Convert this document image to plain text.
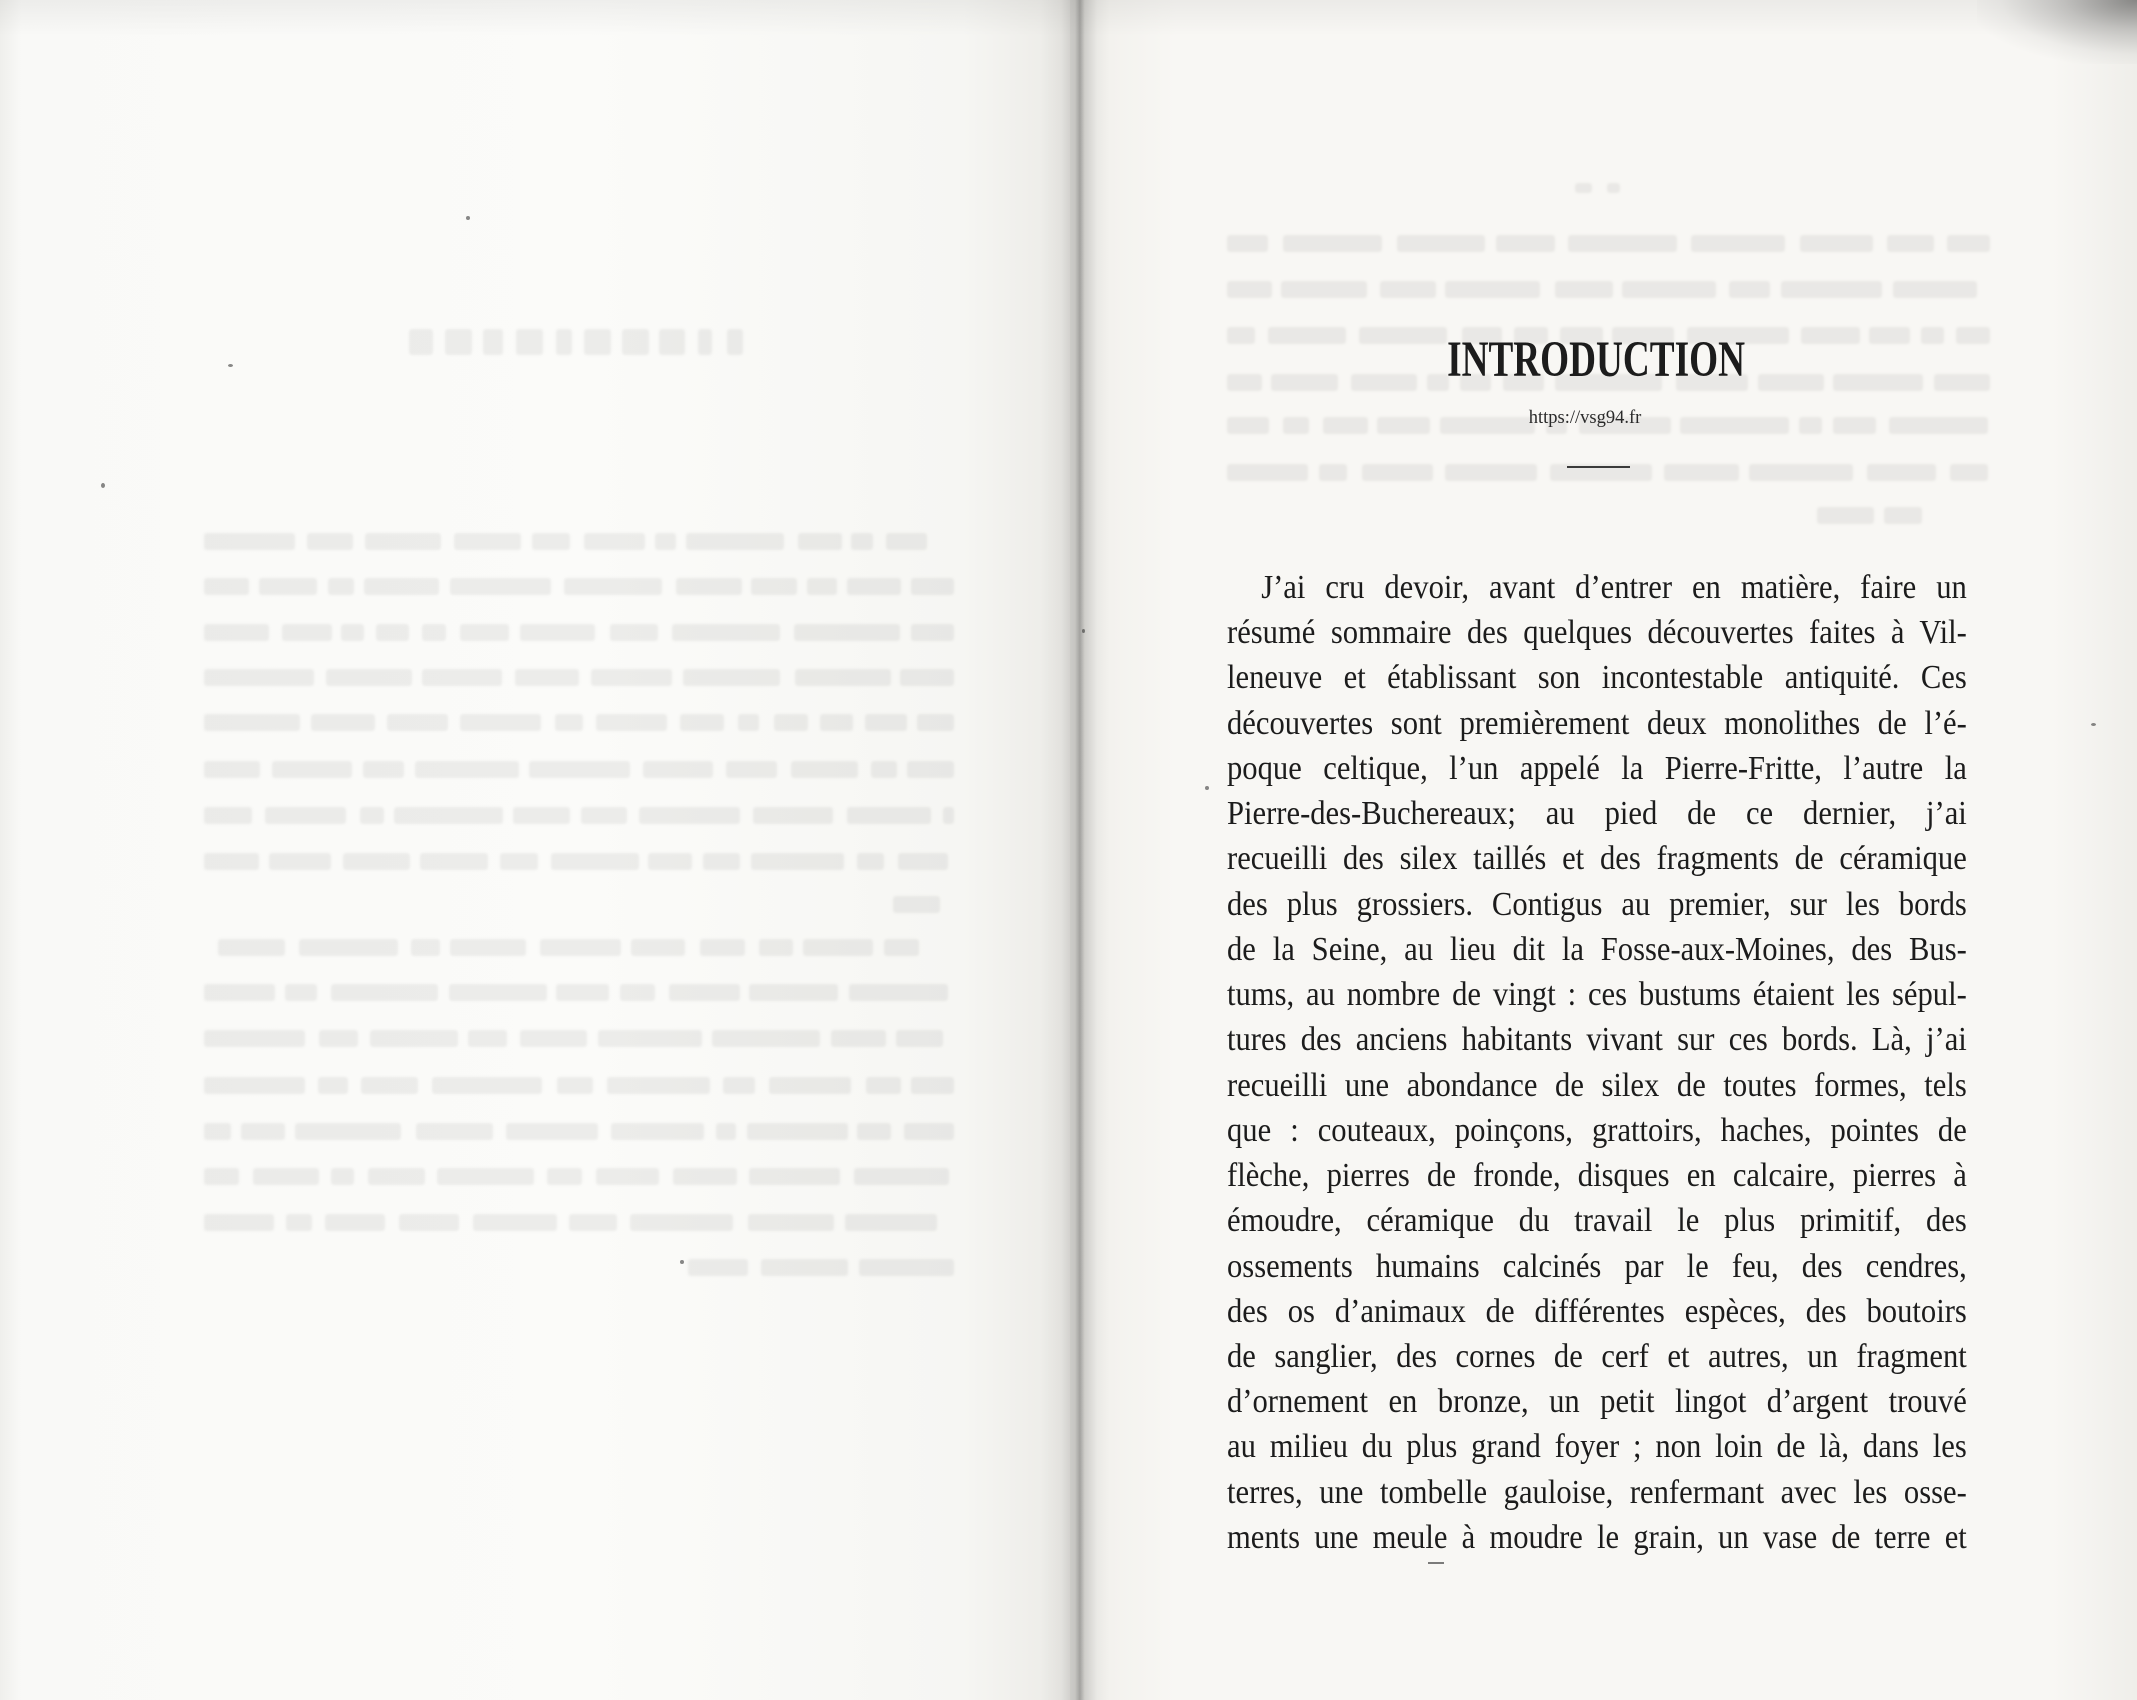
INTRODUCTION
https://vsg94.fr
J’ai cru devoir, avant d’entrer en matière, faire un
résumé sommaire des quelques découvertes faites à Vil-
leneuve et établissant son incontestable antiquité. Ces
découvertes sont premièrement deux monolithes de l’é-
poque celtique, l’un appelé la Pierre-Fritte, l’autre la
Pierre-des-Buchereaux; au pied de ce dernier, j’ai
recueilli des silex taillés et des fragments de céramique
des plus grossiers. Contigus au premier, sur les bords
de la Seine, au lieu dit la Fosse-aux-Moines, des Bus-
tums, au nombre de vingt : ces bustums étaient les sépul-
tures des anciens habitants vivant sur ces bords. Là, j’ai
recueilli une abondance de silex de toutes formes, tels
que : couteaux, poinçons, grattoirs, haches, pointes de
flèche, pierres de fronde, disques en calcaire, pierres à
émoudre, céramique du travail le plus primitif, des
ossements humains calcinés par le feu, des cendres,
des os d’animaux de différentes espèces, des boutoirs
de sanglier, des cornes de cerf et autres, un fragment
d’ornement en bronze, un petit lingot d’argent trouvé
au milieu du plus grand foyer ; non loin de là, dans les
terres, une tombelle gauloise, renfermant avec les osse-
ments une meule à moudre le grain, un vase de terre et
